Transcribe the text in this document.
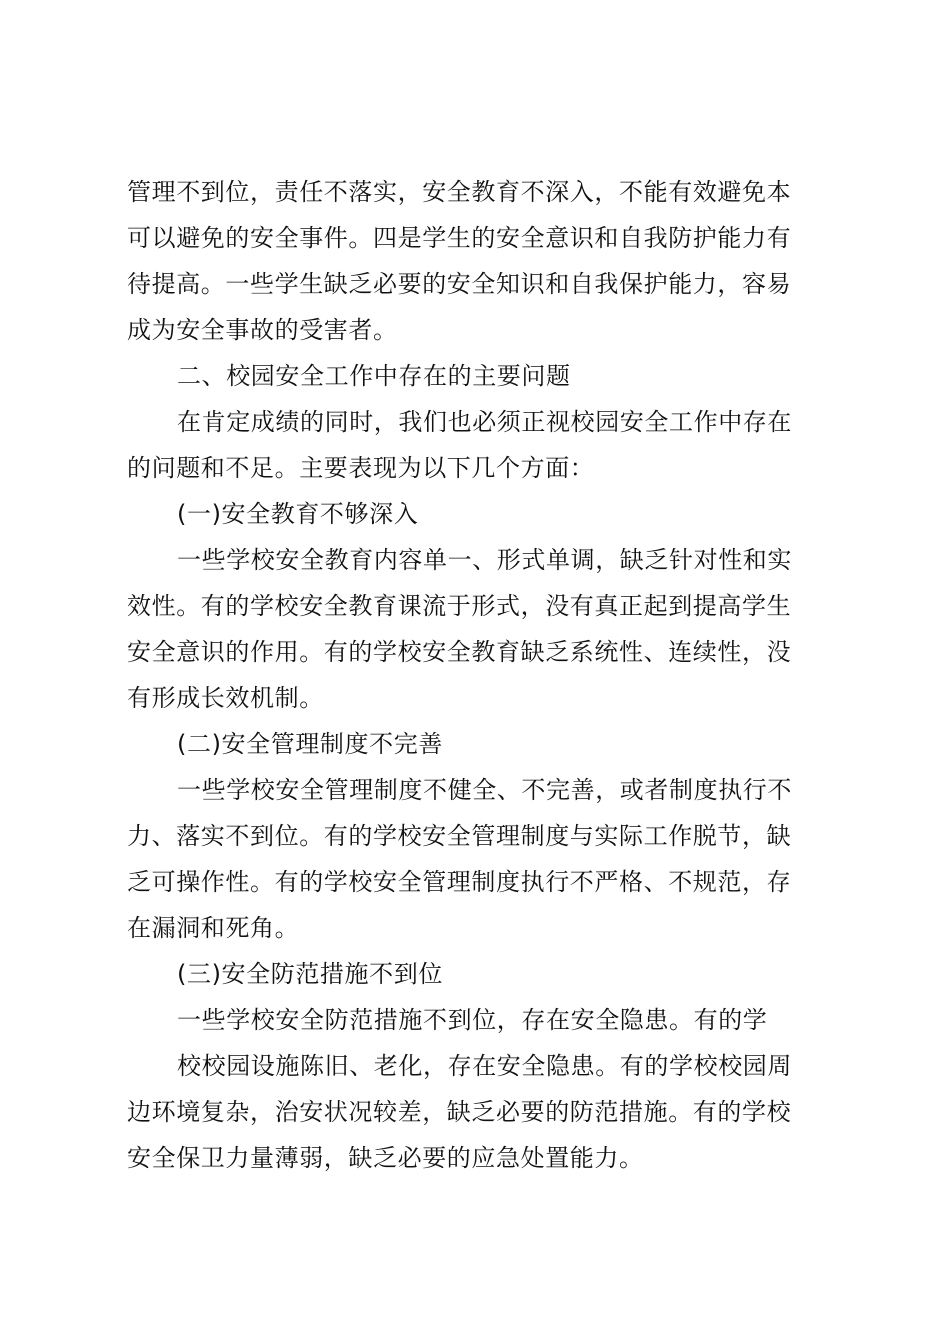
管理不到位，责任不落实，安全教育不深入，不能有效避免本
可以避免的安全事件。四是学生的安全意识和自我防护能力有
待提高。一些学生缺乏必要的安全知识和自我保护能力，容易
成为安全事故的受害者。
二、校园安全工作中存在的主要问题
在肯定成绩的同时，我们也必须正视校园安全工作中存在
的问题和不足。主要表现为以下几个方面：
(一)安全教育不够深入
一些学校安全教育内容单一、形式单调，缺乏针对性和实
效性。有的学校安全教育课流于形式，没有真正起到提高学生
安全意识的作用。有的学校安全教育缺乏系统性、连续性，没
有形成长效机制。
(二)安全管理制度不完善
一些学校安全管理制度不健全、不完善，或者制度执行不
力、落实不到位。有的学校安全管理制度与实际工作脱节，缺
乏可操作性。有的学校安全管理制度执行不严格、不规范，存
在漏洞和死角。
(三)安全防范措施不到位
一些学校安全防范措施不到位，存在安全隐患。有的学
校校园设施陈旧、老化，存在安全隐患。有的学校校园周
边环境复杂，治安状况较差，缺乏必要的防范措施。有的学校
安全保卫力量薄弱，缺乏必要的应急处置能力。
